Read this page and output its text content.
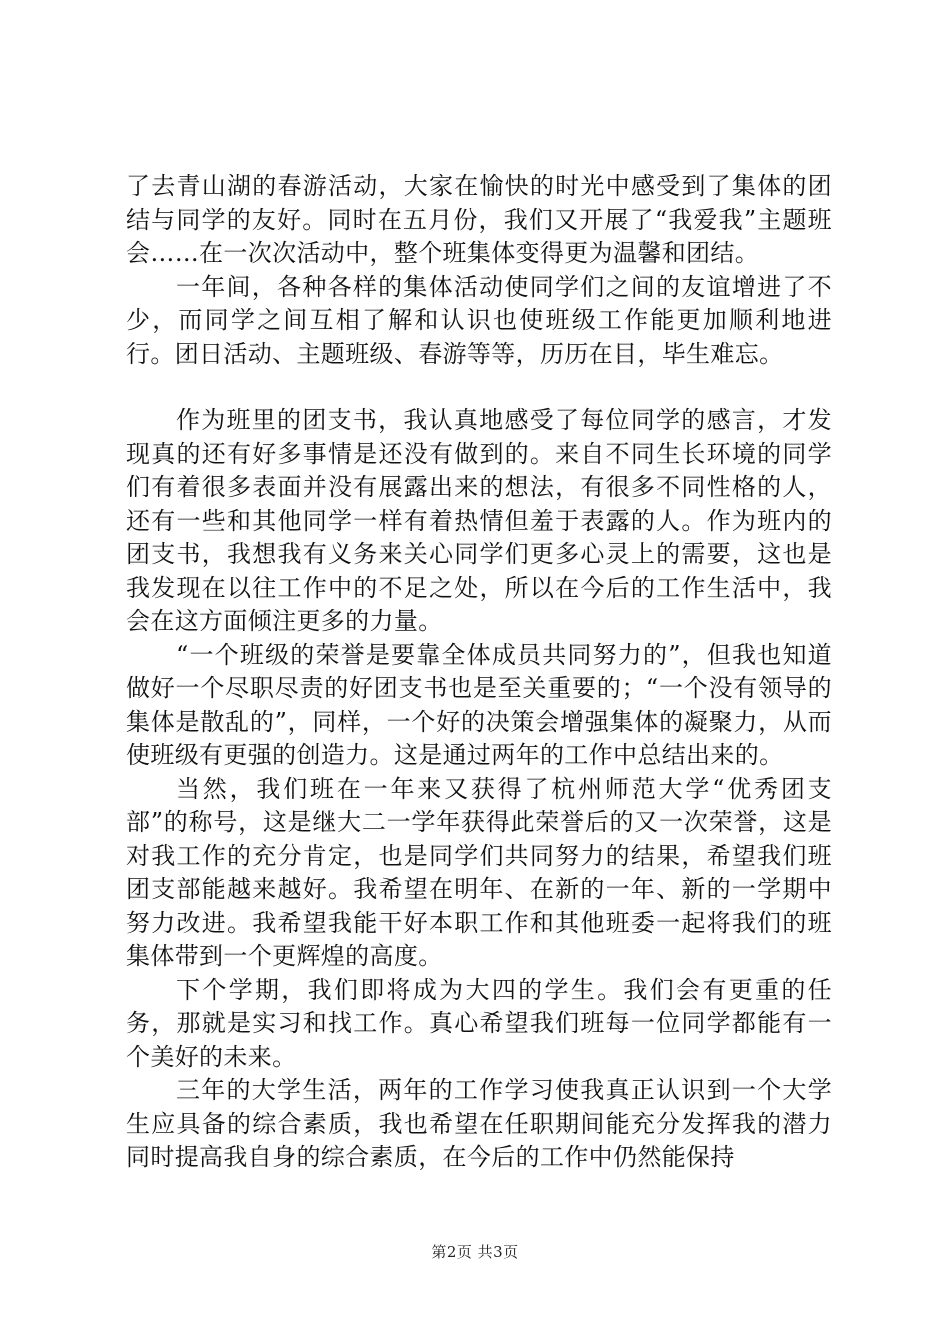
了去青山湖的春游活动，大家在愉快的时光中感受到了集体的团结与同学的友好。同时在五月份，我们又开展了“我爱我”主题班会……在一次次活动中，整个班集体变得更为温馨和团结。

一年间，各种各样的集体活动使同学们之间的友谊增进了不少，而同学之间互相了解和认识也使班级工作能更加顺利地进行。团日活动、主题班级、春游等等，历历在目，毕生难忘。

作为班里的团支书，我认真地感受了每位同学的感言，才发现真的还有好多事情是还没有做到的。来自不同生长环境的同学们有着很多表面并没有展露出来的想法，有很多不同性格的人，还有一些和其他同学一样有着热情但羞于表露的人。作为班内的团支书，我想我有义务来关心同学们更多心灵上的需要，这也是我发现在以往工作中的不足之处，所以在今后的工作生活中，我会在这方面倾注更多的力量。

“一个班级的荣誉是要靠全体成员共同努力的”，但我也知道做好一个尽职尽责的好团支书也是至关重要的；“一个没有领导的集体是散乱的”，同样，一个好的决策会增强集体的凝聚力，从而使班级有更强的创造力。这是通过两年的工作中总结出来的。

当然，我们班在一年来又获得了杭州师范大学“优秀团支部”的称号，这是继大二一学年获得此荣誉后的又一次荣誉，这是对我工作的充分肯定，也是同学们共同努力的结果，希望我们班团支部能越来越好。我希望在明年、在新的一年、新的一学期中努力改进。我希望我能干好本职工作和其他班委一起将我们的班集体带到一个更辉煌的高度。

下个学期，我们即将成为大四的学生。我们会有更重的任务，那就是实习和找工作。真心希望我们班每一位同学都能有一个美好的未来。

三年的大学生活，两年的工作学习使我真正认识到一个大学生应具备的综合素质，我也希望在任职期间能充分发挥我的潜力同时提高我自身的综合素质，在今后的工作中仍然能保持

第2页 共3页
